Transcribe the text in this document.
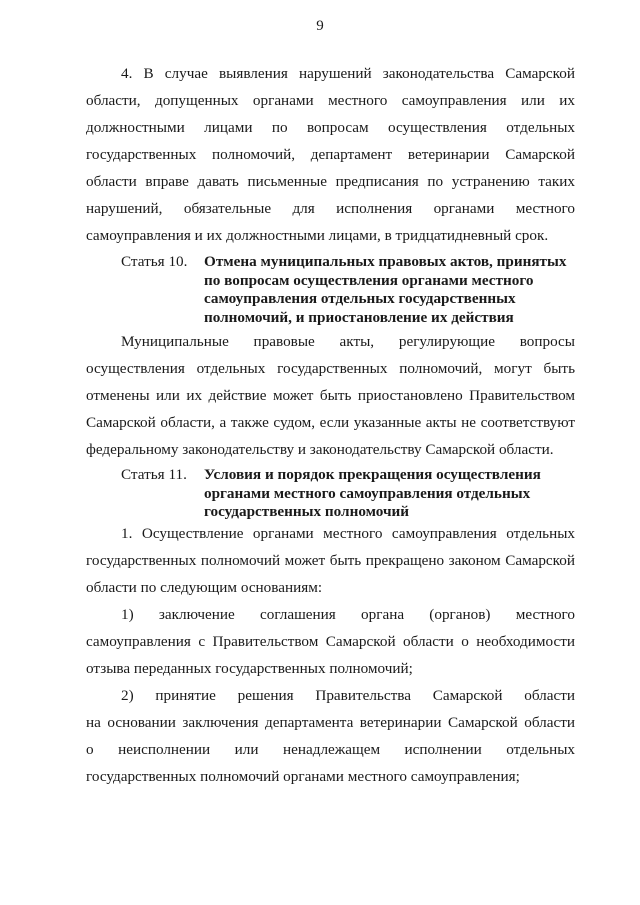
9
4. В случае выявления нарушений законодательства Самарской
области, допущенных органами местного самоуправления или их
должностными лицами по вопросам осуществления отдельных
государственных полномочий, департамент ветеринарии Самарской
области вправе давать письменные предписания по устранению таких
нарушений, обязательные для исполнения органами местного
самоуправления и их должностными лицами, в тридцатидневный срок.
Статья 10. Отмена муниципальных правовых актов, принятых
по вопросам осуществления органами местного
самоуправления отдельных государственных
полномочий, и приостановление их действия
Муниципальные правовые акты, регулирующие вопросы
осуществления отдельных государственных полномочий, могут быть
отменены или их действие может быть приостановлено Правительством
Самарской области, а также судом, если указанные акты не соответствуют
федеральному законодательству и законодательству Самарской области.
Статья 11. Условия и порядок прекращения осуществления
органами местного самоуправления отдельных
государственных полномочий
1. Осуществление органами местного самоуправления отдельных
государственных полномочий может быть прекращено законом Самарской
области по следующим основаниям:
1) заключение соглашения органа (органов) местного
самоуправления с Правительством Самарской области о необходимости
отзыва переданных государственных полномочий;
2) принятие решения Правительства Самарской области
на основании заключения департамента ветеринарии Самарской области
о неисполнении или ненадлежащем исполнении отдельных
государственных полномочий органами местного самоуправления;
